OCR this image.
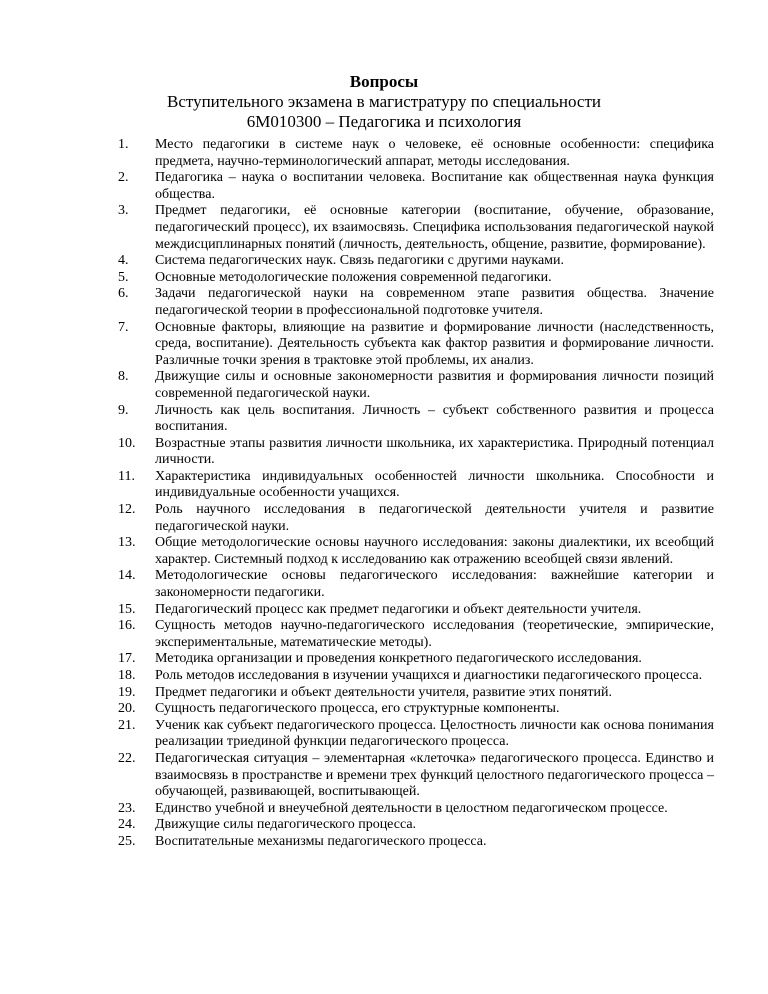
Вопросы
Вступительного экзамена в магистратуру по специальности
6М010300 – Педагогика и психология
1.	Место педагогики в системе наук о человеке, её основные особенности: специфика предмета, научно-терминологический аппарат, методы исследования.
2.	Педагогика – наука о воспитании человека. Воспитание как общественная наука функция общества.
3.	Предмет педагогики, её основные категории (воспитание, обучение, образование, педагогический процесс), их взаимосвязь. Специфика использования педагогической наукой междисциплинарных понятий (личность, деятельность, общение, развитие, формирование).
4.	Система педагогических наук. Связь педагогики с другими науками.
5.	Основные методологические положения современной педагогики.
6.	Задачи педагогической науки на современном этапе развития общества. Значение педагогической теории в профессиональной подготовке учителя.
7.	Основные факторы, влияющие на развитие и формирование личности (наследственность, среда, воспитание). Деятельность субъекта как фактор развития и формирование личности. Различные точки зрения в трактовке этой проблемы, их анализ.
8.	Движущие силы и основные закономерности развития и формирования личности позиций современной педагогической науки.
9.	Личность как цель воспитания. Личность – субъект собственного развития и процесса воспитания.
10.	Возрастные этапы развития личности школьника, их характеристика. Природный потенциал личности.
11.	Характеристика индивидуальных особенностей личности школьника. Способности и индивидуальные особенности учащихся.
12.	Роль научного исследования в педагогической деятельности учителя и развитие педагогической науки.
13.	Общие методологические основы научного исследования: законы диалектики, их всеобщий характер. Системный подход к исследованию как отражению всеобщей связи явлений.
14.	Методологические основы педагогического исследования: важнейшие категории и закономерности педагогики.
15.	Педагогический процесс как предмет педагогики и объект деятельности учителя.
16.	Сущность методов научно-педагогического исследования (теоретические, эмпирические, экспериментальные, математические методы).
17.	Методика организации и проведения конкретного педагогического исследования.
18.	Роль методов исследования в изучении учащихся и диагностики педагогического процесса.
19.	Предмет педагогики и объект деятельности учителя, развитие этих понятий.
20.	Сущность педагогического процесса, его структурные компоненты.
21.	Ученик как субъект педагогического процесса. Целостность личности как основа понимания реализации триединой функции педагогического процесса.
22.	Педагогическая ситуация – элементарная «клеточка» педагогического процесса. Единство и взаимосвязь в пространстве и времени трех функций целостного педагогического процесса – обучающей, развивающей, воспитывающей.
23.	Единство учебной и внеучебной деятельности в целостном педагогическом процессе.
24.	Движущие силы педагогического процесса.
25.	Воспитательные механизмы педагогического процесса.
